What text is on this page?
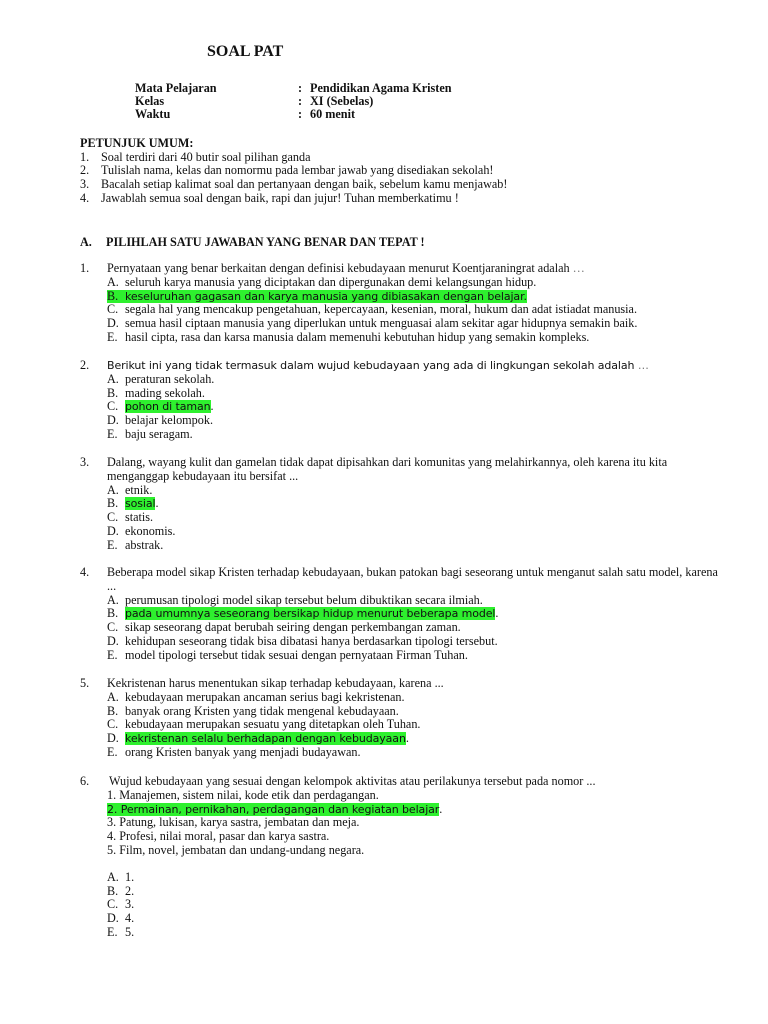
SOAL PAT
Mata Pelajaran	: Pendidikan Agama Kristen
Kelas	: XI (Sebelas)
Waktu	: 60 menit
PETUNJUK UMUM:
1. Soal terdiri dari 40 butir soal pilihan ganda
2. Tulislah nama, kelas dan nomormu pada lembar jawab yang disediakan sekolah!
3. Bacalah setiap kalimat soal dan pertanyaan dengan baik, sebelum kamu menjawab!
4. Jawablah semua soal dengan baik, rapi dan jujur! Tuhan memberkatimu !
A. PILIHLAH SATU JAWABAN YANG BENAR DAN TEPAT !
1.	Pernyataan yang benar berkaitan dengan definisi kebudayaan menurut Koentjaraningrat adalah …
A. seluruh karya manusia yang diciptakan dan dipergunakan demi kelangsungan hidup.
B. keseluruhan gagasan dan karya manusia yang dibiasakan dengan belajar.
C. segala hal yang mencakup pengetahuan, kepercayaan, kesenian, moral, hukum dan adat istiadat manusia.
D. semua hasil ciptaan manusia yang diperlukan untuk menguasai alam sekitar agar hidupnya semakin baik.
E. hasil cipta, rasa dan karsa manusia dalam memenuhi kebutuhan hidup yang semakin kompleks.
2.	Berikut ini yang tidak termasuk dalam wujud kebudayaan yang ada di lingkungan sekolah adalah …
A. peraturan sekolah.
B. mading sekolah.
C. pohon di taman.
D. belajar kelompok.
E. baju seragam.
3.	Dalang, wayang kulit dan gamelan tidak dapat dipisahkan dari komunitas yang melahirkannya, oleh karena itu kita menganggap kebudayaan itu bersifat ...
A. etnik.
B. sosial.
C. statis.
D. ekonomis.
E. abstrak.
4.	Beberapa model sikap Kristen terhadap kebudayaan, bukan patokan bagi seseorang untuk menganut salah satu model, karena ...
A. perumusan tipologi model sikap tersebut belum dibuktikan secara ilmiah.
B. pada umumnya seseorang bersikap hidup menurut beberapa model.
C. sikap seseorang dapat berubah seiring dengan perkembangan zaman.
D. kehidupan seseorang tidak bisa dibatasi hanya berdasarkan tipologi tersebut.
E. model tipologi tersebut tidak sesuai dengan pernyataan Firman Tuhan.
5.	Kekristenan harus menentukan sikap terhadap kebudayaan, karena ...
A. kebudayaan merupakan ancaman serius bagi kekristenan.
B. banyak orang Kristen yang tidak mengenal kebudayaan.
C. kebudayaan merupakan sesuatu yang ditetapkan oleh Tuhan.
D. kekristenan selalu berhadapan dengan kebudayaan.
E. orang Kristen banyak yang menjadi budayawan.
6.	Wujud kebudayaan yang sesuai dengan kelompok aktivitas atau perilakunya tersebut pada nomor ...
1. Manajemen, sistem nilai, kode etik dan perdagangan.
2. Permainan, pernikahan, perdagangan dan kegiatan belajar.
3. Patung, lukisan, karya sastra, jembatan dan meja.
4. Profesi, nilai moral, pasar dan karya sastra.
5. Film, novel, jembatan dan undang-undang negara.
A. 1.
B. 2.
C. 3.
D. 4.
E. 5.
